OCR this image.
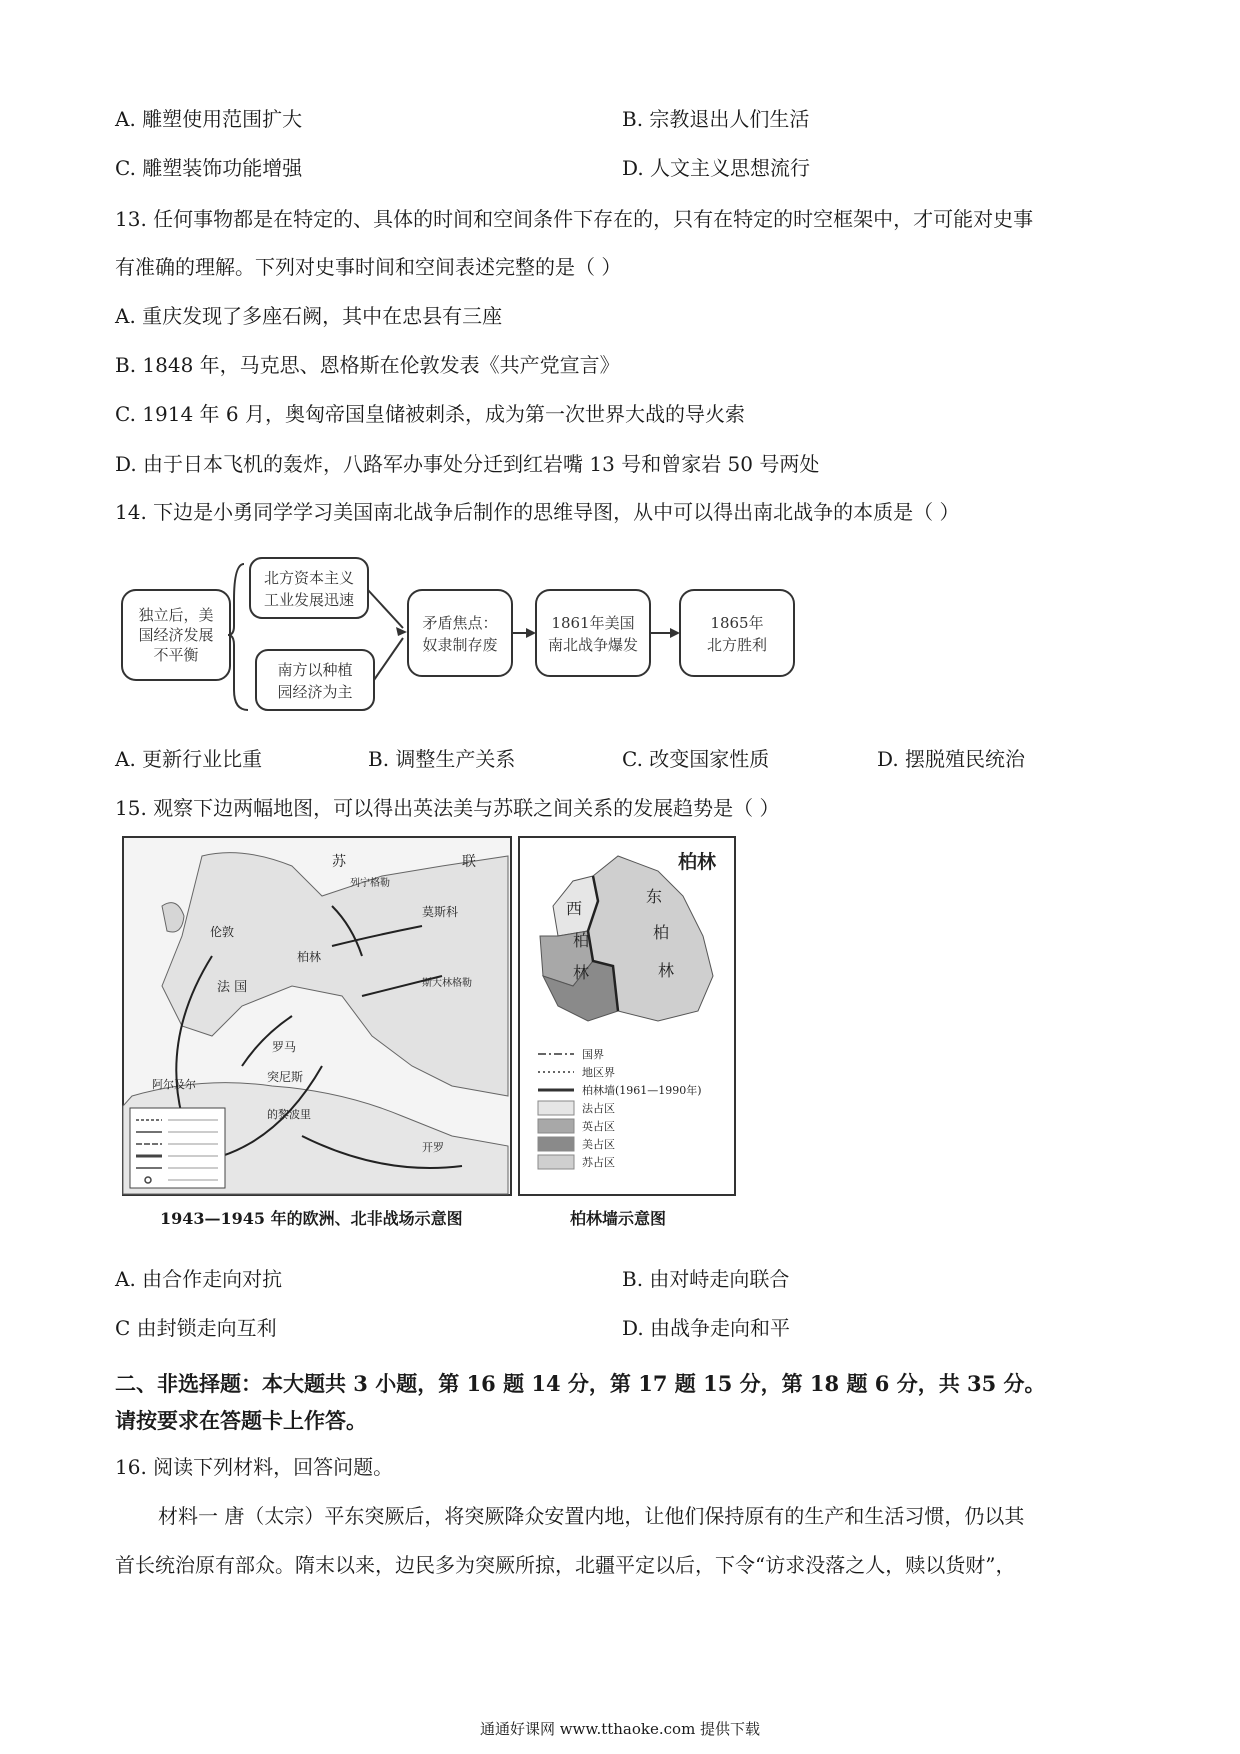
A. 雕塑使用范围扩大	B. 宗教退出人们生活
C. 雕塑装饰功能增强	D. 人文主义思想流行
13. 任何事物都是在特定的、具体的时间和空间条件下存在的，只有在特定的时空框架中，才可能对史事
有准确的理解。下列对史事时间和空间表述完整的是（ ）
A. 重庆发现了多座石阙，其中在忠县有三座
B. 1848 年，马克思、恩格斯在伦敦发表《共产党宣言》
C. 1914 年 6 月，奥匈帝国皇储被刺杀，成为第一次世界大战的导火索
D. 由于日本飞机的轰炸，八路军办事处分迁到红岩嘴 13 号和曾家岩 50 号两处
14. 下边是小勇同学学习美国南北战争后制作的思维导图，从中可以得出南北战争的本质是（ ）
独立后，美
国经济发展
不平衡
北方资本主义
工业发展迅速
南方以种植
园经济为主
矛盾焦点：
奴隶制存废
1861年美国
南北战争爆发
1865年
北方胜利
A. 更新行业比重	B. 调整生产关系	C. 改变国家性质	D. 摆脱殖民统治
15. 观察下边两幅地图，可以得出英法美与苏联之间关系的发展趋势是（ ）
苏	联
列宁格勒
莫斯科
伦敦
柏林
法 国	斯大林格勒
罗马
突尼斯
阿尔及尔
的黎波里
开罗
1943—1945 年的欧洲、北非战场示意图
柏林
西
柏
林
东
柏
林
国界
地区界
柏林墙(1961—1990年)
法占区
英占区
美占区
苏占区
柏林墙示意图
A. 由合作走向对抗	B. 由对峙走向联合
C 由封锁走向互利	D. 由战争走向和平
二、非选择题：本大题共 3 小题，第 16 题 14 分，第 17 题 15 分，第 18 题 6 分，共 35 分。
请按要求在答题卡上作答。
16. 阅读下列材料，回答问题。
材料一 唐（太宗）平东突厥后，将突厥降众安置内地，让他们保持原有的生产和生活习惯，仍以其
首长统治原有部众。隋末以来，边民多为突厥所掠，北疆平定以后，下令“访求没落之人，赎以货财”，
通通好课网 www.tthaoke.com 提供下载
